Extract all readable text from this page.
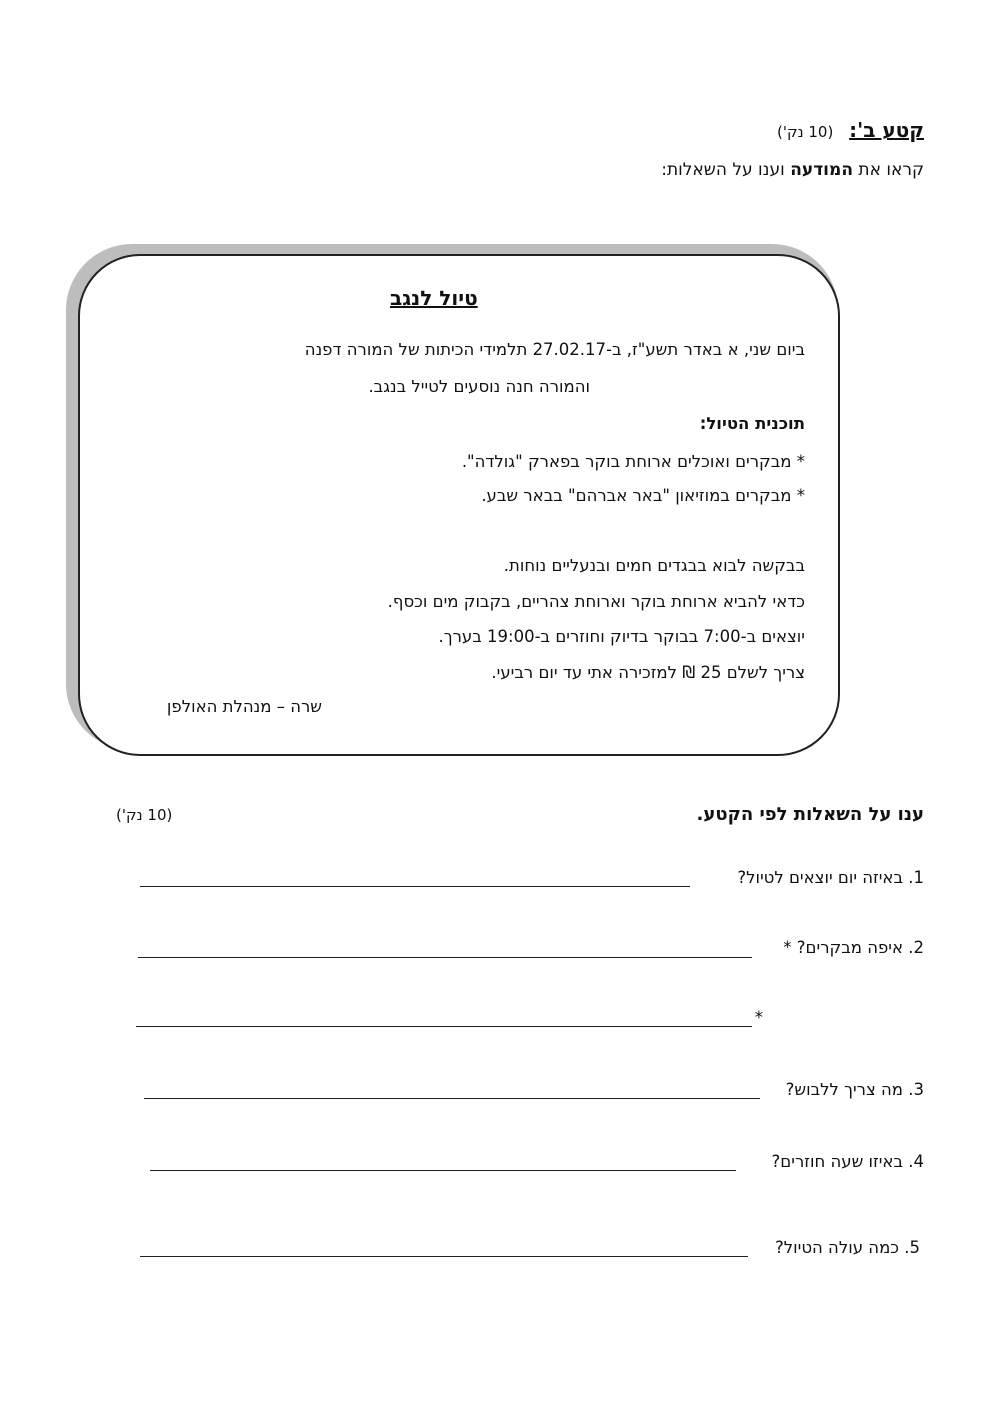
קטע ב': (10 נק')
קראו את המודעה וענו על השאלות:
טיול לנגב
ביום שני, א באדר תשע"ז, ב-27.02.17 תלמידי הכיתות של המורה דפנה
והמורה חנה נוסעים לטייל בנגב.
תוכנית הטיול:
* מבקרים ואוכלים ארוחת בוקר בפארק "גולדה".
* מבקרים במוזיאון "באר אברהם" בבאר שבע.
בבקשה לבוא בבגדים חמים ובנעליים נוחות.
כדאי להביא ארוחת בוקר וארוחת צהריים, בקבוק מים וכסף.
יוצאים ב-7:00 בבוקר בדיוק וחוזרים ב-19:00 בערך.
צריך לשלם 25 ₪ למזכירה אתי עד יום רביעי.
שרה – מנהלת האולפן
ענו על השאלות לפי הקטע.
(10 נק')
1. באיזה יום יוצאים לטיול?
2. איפה מבקרים? *
*
3. מה צריך ללבוש?
4. באיזו שעה חוזרים?
5. כמה עולה הטיול?
